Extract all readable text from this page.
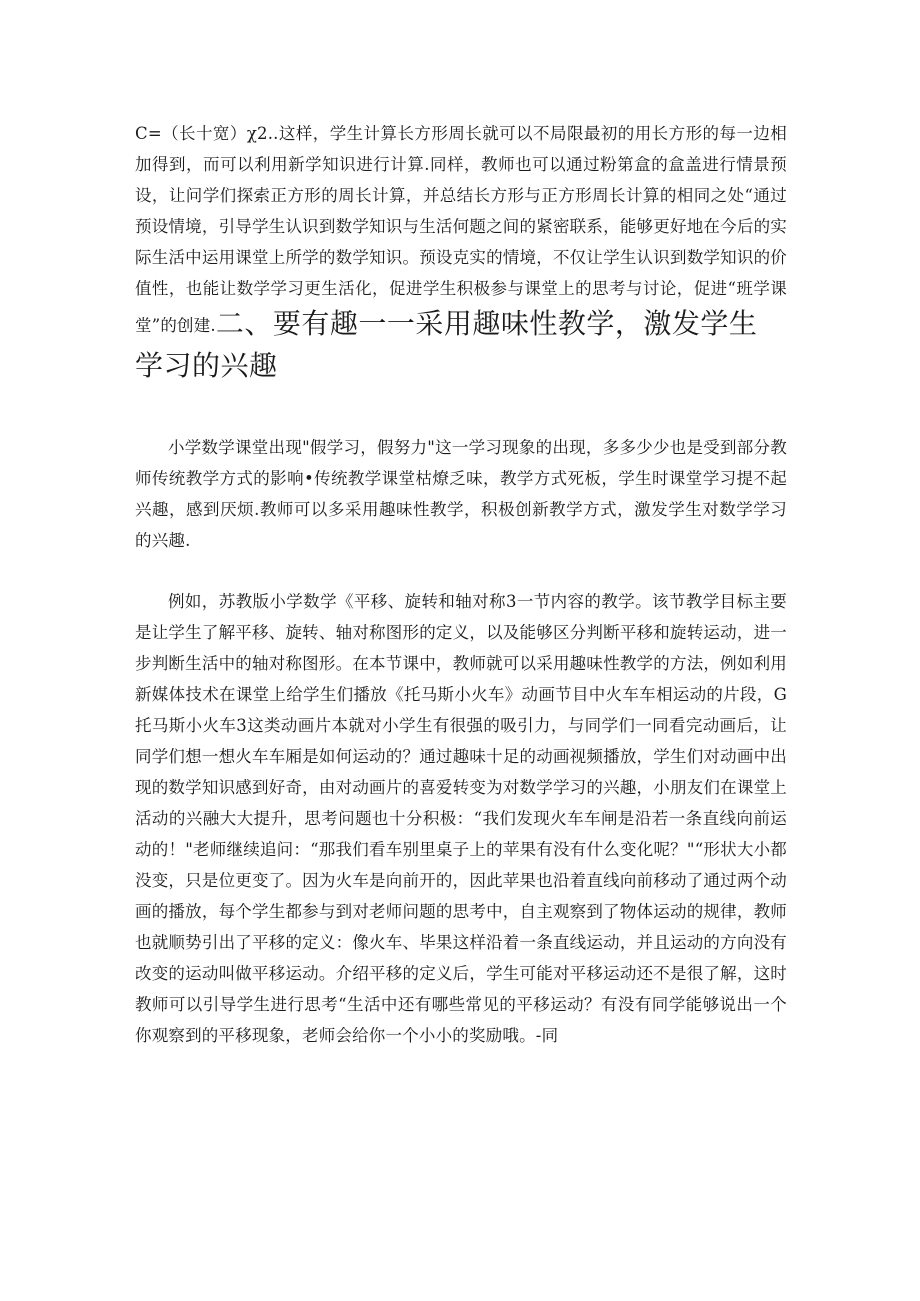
C=（长十宽）χ2..这样，学生计算长方形周长就可以不局限最初的用长方形的每一边相加得到，而可以利用新学知识进行计算.同样，教师也可以通过粉第盒的盒盖进行情景预设，让问学们探索正方形的周长计算，并总结长方形与正方形周长计算的相同之处“通过预设情境，引导学生认识到数学知识与生活何题之间的紧密联系，能够更好地在今后的实际生活中运用课堂上所学的数学知识。预设克实的情境，不仅让学生认识到数学知识的价值性，也能让数学学习更生活化，促进学生积极参与课堂上的思考与讨论，促进“班学课堂”的创建.二、要有趣一一采用趣味性教学，激发学生

学习的兴趣

小学数学课堂出现"假学习，假努力"这一学习现象的出现，多多少少也是受到部分教师传统教学方式的影响•传统教学课堂枯燎乏味，教学方式死板，学生时课堂学习提不起兴趣，感到厌烦.教师可以多采用趣味性教学，积极创新教学方式，激发学生对数学学习的兴趣.

例如，苏教版小学数学《平移、旋转和轴对称3一节内容的教学。该节教学目标主要是让学生了解平移、旋转、轴对称图形的定义，以及能够区分判断平移和旋转运动，进一步判断生活中的轴对称图形。在本节课中，教师就可以采用趣味性教学的方法，例如利用新媒体技术在课堂上给学生们播放《托马斯小火车》动画节目中火车车相运动的片段，G托马斯小火车3这类动画片本就对小学生有很强的吸引力，与同学们一同看完动画后，让同学们想一想火车车厢是如何运动的？通过趣味十足的动画视频播放，学生们对动画中出现的数学知识感到好奇，由对动画片的喜爱转变为对数学学习的兴趣，小朋友们在课堂上活动的兴融大大提升，思考问题也十分积极：“我们发现火车车闸是沿若一条直线向前运动的！"老师继续追问：“那我们看车别里桌子上的苹果有没有什么变化呢？"“形状大小都没变，只是位更变了。因为火车是向前开的，因此苹果也沿着直线向前移动了通过两个动画的播放，每个学生都参与到对老师问题的思考中，自主观察到了物体运动的规律，教师也就顺势引出了平移的定义：像火车、毕果这样沿着一条直线运动，并且运动的方向没有改变的运动叫做平移运动。介绍平移的定义后，学生可能对平移运动还不是很了解，这时教师可以引导学生进行思考“生活中还有哪些常见的平移运动？有没有同学能够说出一个你观察到的平移现象，老师会给你一个小小的奖励哦。-同
